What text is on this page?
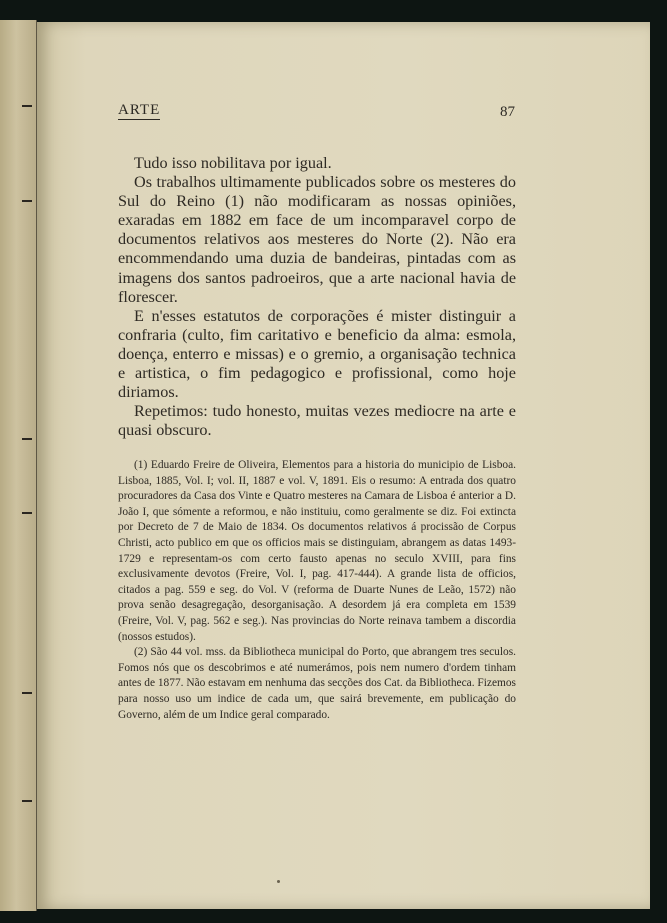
ARTE	87

Tudo isso nobilitava por igual.

Os trabalhos ultimamente publicados sobre os mesteres do Sul do Reino (1) não modificaram as nossas opiniões, exaradas em 1882 em face de um incomparavel corpo de documentos relativos aos mesteres do Norte (2). Não era encommendando uma duzia de bandeiras, pintadas com as imagens dos santos padroeiros, que a arte nacional havia de florescer.

E n'esses estatutos de corporações é mister distinguir a confraria (culto, fim caritativo e beneficio da alma: esmola, doença, enterro e missas) e o gremio, a organisação technica e artistica, o fim pedagogico e profissional, como hoje diriamos.

Repetimos: tudo honesto, muitas vezes mediocre na arte e quasi obscuro.

(1) Eduardo Freire de Oliveira, Elementos para a historia do municipio de Lisboa. Lisboa, 1885, Vol. I; vol. II, 1887 e vol. V, 1891. Eis o resumo: A entrada dos quatro procuradores da Casa dos Vinte e Quatro mesteres na Camara de Lisboa é anterior a D. João I, que sómente a reformou, e não instituiu, como geralmente se diz. Foi extincta por Decreto de 7 de Maio de 1834. Os documentos relativos á procissão de Corpus Christi, acto publico em que os officios mais se distinguiam, abrangem as datas 1493-1729 e representam-os com certo fausto apenas no seculo XVIII, para fins exclusivamente devotos (Freire, Vol. I, pag. 417-444). A grande lista de officios, citados a pag. 559 e seg. do Vol. V (reforma de Duarte Nunes de Leão, 1572) não prova senão desagregação, desorganisação. A desordem já era completa em 1539 (Freire, Vol. V, pag. 562 e seg.). Nas provincias do Norte reinava tambem a discordia (nossos estudos).

(2) São 44 vol. mss. da Bibliotheca municipal do Porto, que abrangem tres seculos. Fomos nós que os descobrimos e até numerámos, pois nem numero d'ordem tinham antes de 1877. Não estavam em nenhuma das secções dos Cat. da Bibliotheca. Fizemos para nosso uso um indice de cada um, que sairá brevemente, em publicação do Governo, além de um Indice geral comparado.
